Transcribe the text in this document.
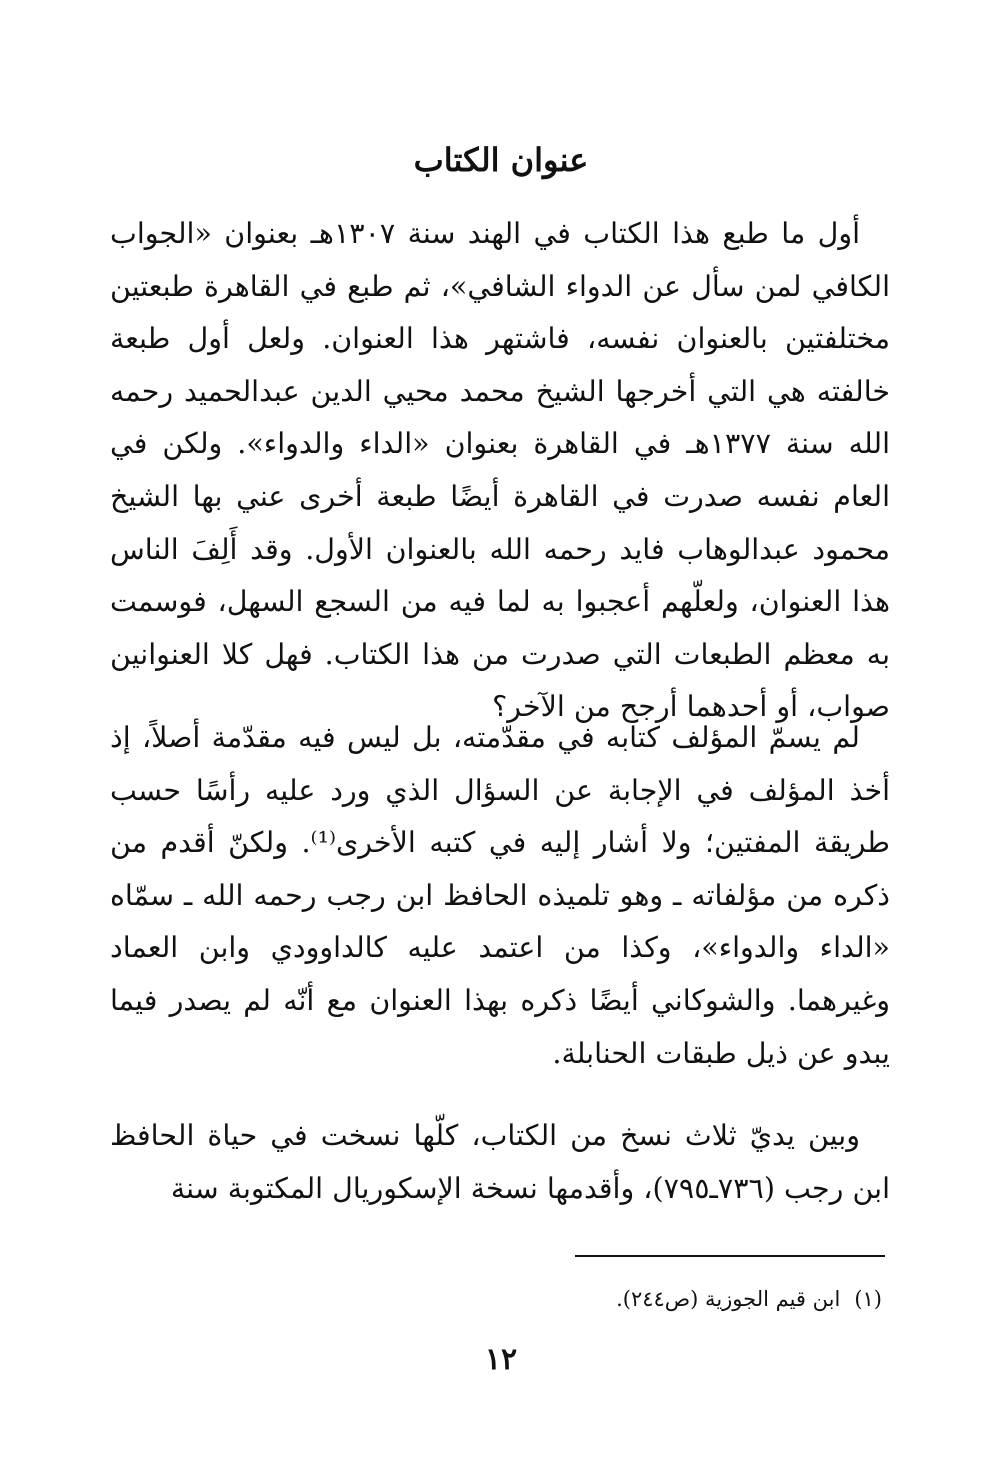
عنوان الكتاب

أول ما طبع هذا الكتاب في الهند سنة ١٣٠٧هـ بعنوان «الجواب الكافي لمن سأل عن الدواء الشافي»، ثم طبع في القاهرة طبعتين مختلفتين بالعنوان نفسه، فاشتهر هذا العنوان. ولعل أول طبعة خالفته هي التي أخرجها الشيخ محمد محيي الدين عبدالحميد رحمه الله سنة ١٣٧٧هـ في القاهرة بعنوان «الداء والدواء». ولكن في العام نفسه صدرت في القاهرة أيضًا طبعة أخرى عني بها الشيخ محمود عبدالوهاب فايد رحمه الله بالعنوان الأول. وقد أَلِفَ الناس هذا العنوان، ولعلّهم أعجبوا به لما فيه من السجع السهل، فوسمت به معظم الطبعات التي صدرت من هذا الكتاب. فهل كلا العنوانين صواب، أو أحدهما أرجح من الآخر؟

لم يسمّ المؤلف كتابه في مقدّمته، بل ليس فيه مقدّمة أصلاً، إذ أخذ المؤلف في الإجابة عن السؤال الذي ورد عليه رأسًا حسب طريقة المفتين؛ ولا أشار إليه في كتبه الأخرى⁽¹⁾. ولكنّ أقدم من ذكره من مؤلفاته ـ وهو تلميذه الحافظ ابن رجب رحمه الله ـ سمّاه «الداء والدواء»، وكذا من اعتمد عليه كالداوودي وابن العماد وغيرهما. والشوكاني أيضًا ذكره بهذا العنوان مع أنّه لم يصدر فيما يبدو عن ذيل طبقات الحنابلة.

وبين يديّ ثلاث نسخ من الكتاب، كلّها نسخت في حياة الحافظ ابن رجب (٧٣٦ـ٧٩٥)، وأقدمها نسخة الإسكوريال المكتوبة سنة

(١)ابن قيم الجوزية (ص٢٤٤).
١٢
